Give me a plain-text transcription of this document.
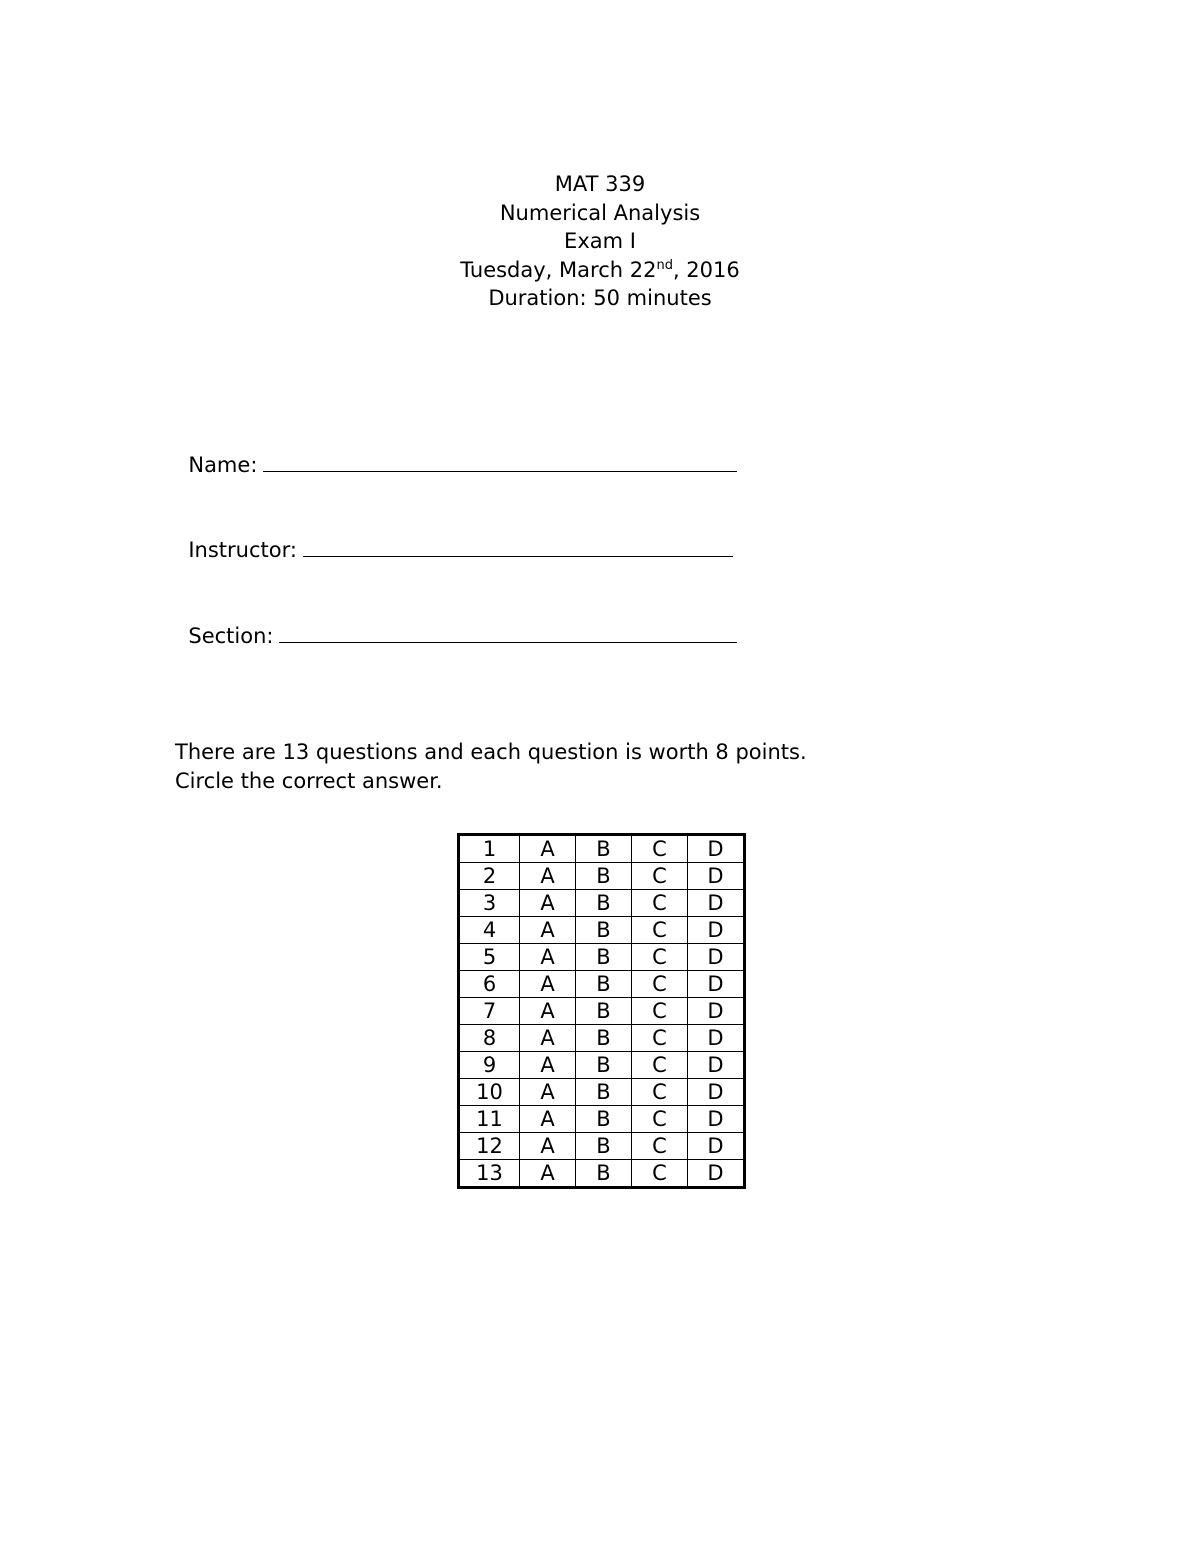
MAT 339
Numerical Analysis
Exam I
Tuesday, March 22nd, 2016
Duration: 50 minutes

Name:

Instructor:

Section:

There are 13 questions and each question is worth 8 points.
Circle the correct answer.
1	A	B	C	D
2	A	B	C	D
3	A	B	C	D
4	A	B	C	D
5	A	B	C	D
6	A	B	C	D
7	A	B	C	D
8	A	B	C	D
9	A	B	C	D
10	A	B	C	D
11	A	B	C	D
12	A	B	C	D
13	A	B	C	D
